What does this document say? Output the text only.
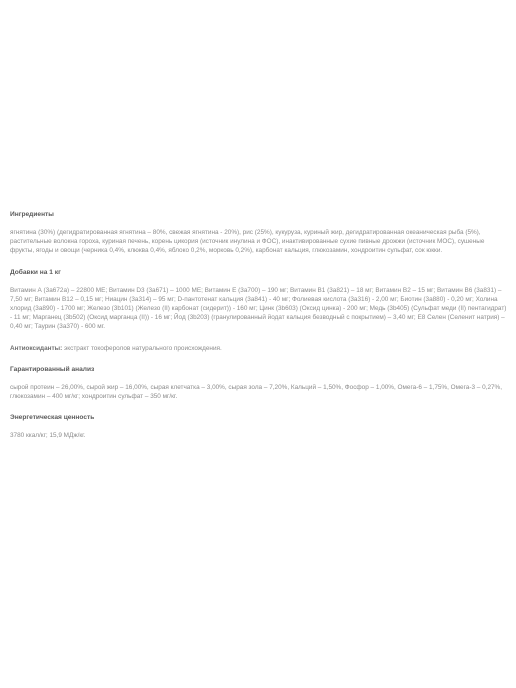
Ингредиенты
ягнятина (30%) (дегидратированная ягнятина – 80%, свежая ягнятина - 20%), рис (25%), кукуруза, куриный жир, дегидратированная океаническая рыба (5%), растительные волокна гороха, куриная печень, корень цикория (источник инулина и ФОС), инактивированные сухие пивные дрожжи (источник МОС), сушеные фрукты, ягоды и овощи (черника 0,4%, клюква 0,4%, яблоко 0,2%, морковь 0,2%), карбонат кальция, глюкозамин, хондроитин сульфат, сок юкки.
Добавки на 1 кг
Витамин А (3а672а) – 22800 МЕ; Витамин D3 (3а671) – 1000 МЕ; Витамин Е (3а700) – 190 мг; Витамин В1 (3а821) – 18 мг; Витамин В2 – 15 мг; Витамин В6 (3а831) – 7,50 мг; Витамин В12 – 0,15 мг; Ниацин (3а314) – 95 мг; D-пантотенат кальция (3а841) - 40 мг; Фолиевая кислота (3а316) - 2,00 мг; Биотин (3а880) - 0,20 мг; Холина хлорид (3а890) - 1700 мг; Железо (3b101) (Железо (II) карбонат (сидерит)) - 160 мг; Цинк (3b603) (Оксид цинка) - 200 мг; Медь (3b405) (Сульфат меди (II) пентагидрат) - 11 мг; Марганец (3b502) (Оксид марганца (II)) - 16 мг; Йод (3b203) (гранулированный йодат кальция безводный с покрытием) – 3,40 мг; E8 Селен (Селенит натрия) – 0,40 мг; Таурин (3а370) - 600 мг.
Антиоксиданты: экстракт токоферолов натурального происхождения.
Гарантированный анализ
сырой протеин – 26,00%, сырой жир – 16,00%, сырая клетчатка – 3,00%, сырая зола – 7,20%, Кальций – 1,50%, Фосфор – 1,00%, Омега-6 – 1,75%, Омега-3 – 0,27%, глюкозамин – 400 мг/кг; хондроитин сульфат – 350 мг/кг.
Энергетическая ценность
3780 ккал/кг; 15,9 МДж/кг.
